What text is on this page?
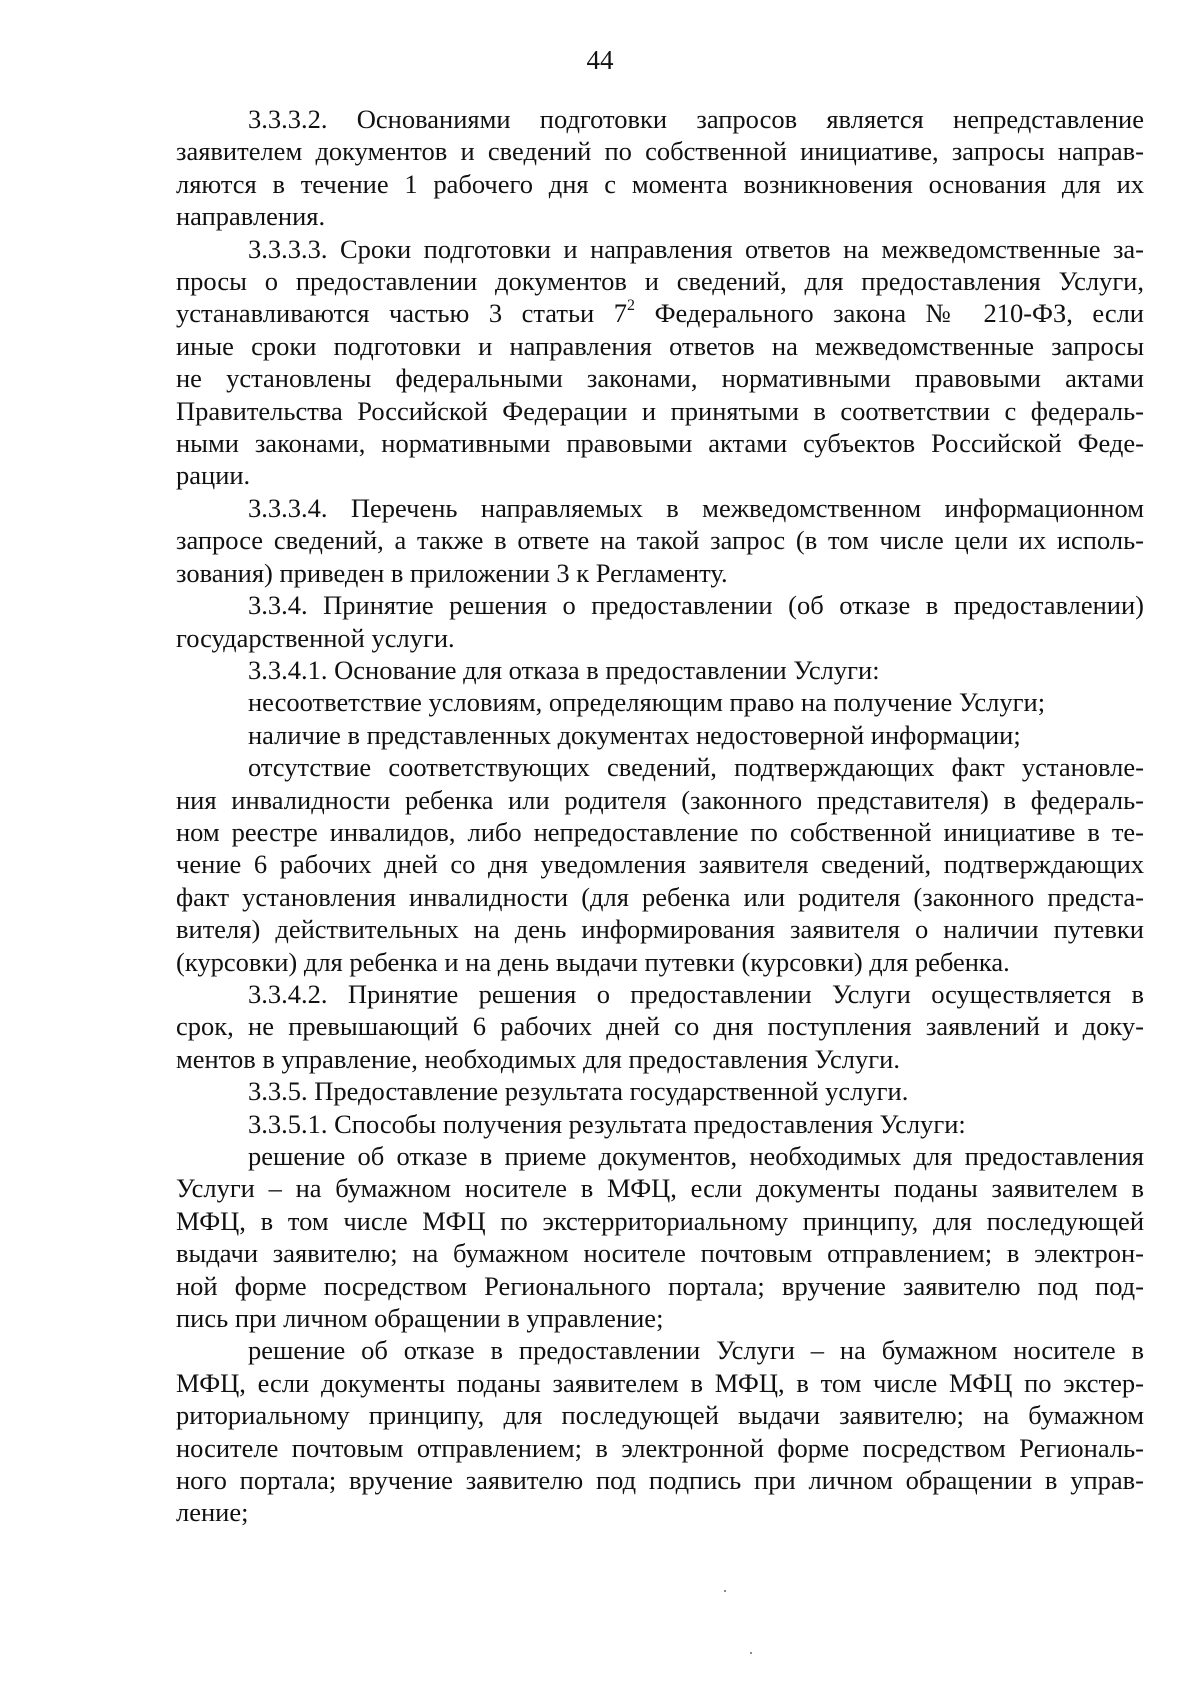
44
3.3.3.2. Основаниями подготовки запросов является непредставление
заявителем документов и сведений по собственной инициативе, запросы направ-
ляются в течение 1 рабочего дня с момента возникновения основания для их
направления.
3.3.3.3. Сроки подготовки и направления ответов на межведомственные за-
просы о предоставлении документов и сведений, для предоставления Услуги,
устанавливаются частью 3 статьи $7^2$ Федерального закона № 210-ФЗ, если
иные сроки подготовки и направления ответов на межведомственные запросы
не установлены федеральными законами, нормативными правовыми актами
Правительства Российской Федерации и принятыми в соответствии с федераль-
ными законами, нормативными правовыми актами субъектов Российской Феде-
рации.
3.3.3.4. Перечень направляемых в межведомственном информационном
запросе сведений, а также в ответе на такой запрос (в том числе цели их исполь-
зования) приведен в приложении 3 к Регламенту.
3.3.4. Принятие решения о предоставлении (об отказе в предоставлении)
государственной услуги.
3.3.4.1. Основание для отказа в предоставлении Услуги:
несоответствие условиям, определяющим право на получение Услуги;
наличие в представленных документах недостоверной информации;
отсутствие соответствующих сведений, подтверждающих факт установле-
ния инвалидности ребенка или родителя (законного представителя) в федераль-
ном реестре инвалидов, либо непредоставление по собственной инициативе в те-
чение 6 рабочих дней со дня уведомления заявителя сведений, подтверждающих
факт установления инвалидности (для ребенка или родителя (законного предста-
вителя) действительных на день информирования заявителя о наличии путевки
(курсовки) для ребенка и на день выдачи путевки (курсовки) для ребенка.
3.3.4.2. Принятие решения о предоставлении Услуги осуществляется в
срок, не превышающий 6 рабочих дней со дня поступления заявлений и доку-
ментов в управление, необходимых для предоставления Услуги.
3.3.5. Предоставление результата государственной услуги.
3.3.5.1. Способы получения результата предоставления Услуги:
решение об отказе в приеме документов, необходимых для предоставления
Услуги – на бумажном носителе в МФЦ, если документы поданы заявителем в
МФЦ, в том числе МФЦ по экстерриториальному принципу, для последующей
выдачи заявителю; на бумажном носителе почтовым отправлением; в электрон-
ной форме посредством Регионального портала; вручение заявителю под под-
пись при личном обращении в управление;
решение об отказе в предоставлении Услуги – на бумажном носителе в
МФЦ, если документы поданы заявителем в МФЦ, в том числе МФЦ по экстер-
риториальному принципу, для последующей выдачи заявителю; на бумажном
носителе почтовым отправлением; в электронной форме посредством Региональ-
ного портала; вручение заявителю под подпись при личном обращении в управ-
ление;
